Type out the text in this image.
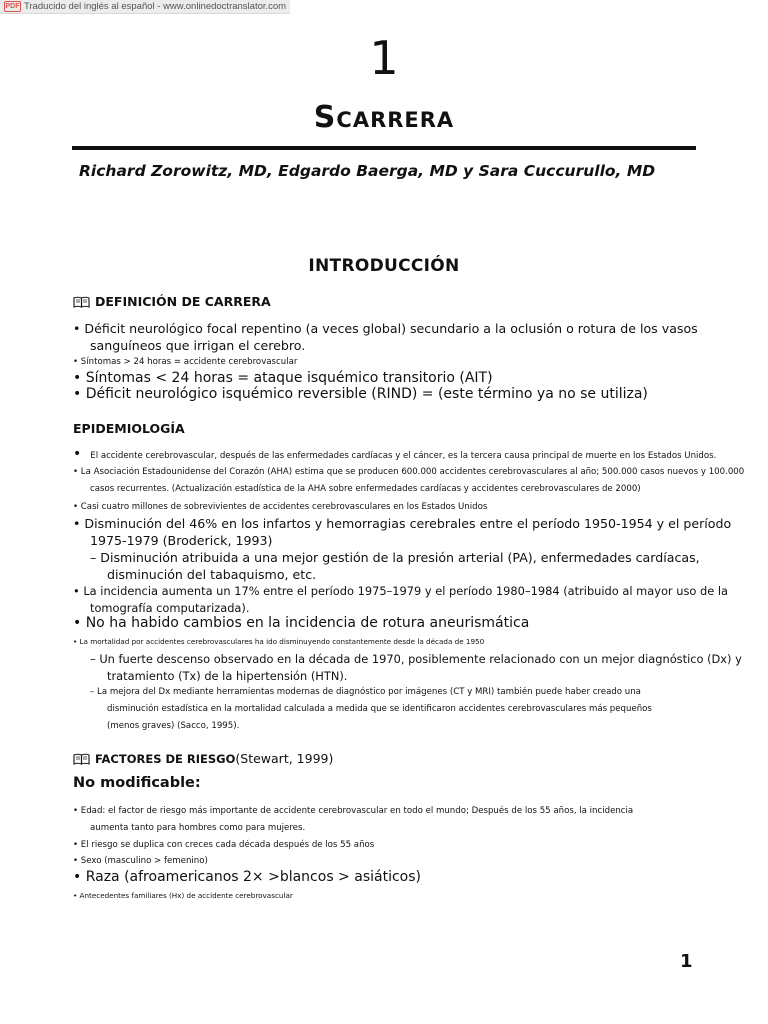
PDF Traducido del inglés al español - www.onlinedoctranslator.com
1
Scarrera
Richard Zorowitz, MD, Edgardo Baerga, MD y Sara Cuccurullo, MD
INTRODUCCIÓN
DEFINICIÓN DE CARRERA
• Déficit neurológico focal repentino (a veces global) secundario a la oclusión o rotura de los vasos
sanguíneos que irrigan el cerebro.
• Síntomas > 24 horas = accidente cerebrovascular
• Síntomas < 24 horas = ataque isquémico transitorio (AIT)
• Déficit neurológico isquémico reversible (RIND) = (este término ya no se utiliza)
EPIDEMIOLOGÍA
• El accidente cerebrovascular, después de las enfermedades cardíacas y el cáncer, es la tercera causa principal de muerte en los Estados Unidos.
• La Asociación Estadounidense del Corazón (AHA) estima que se producen 600.000 accidentes cerebrovasculares al año; 500.000 casos nuevos y 100.000
casos recurrentes. (Actualización estadística de la AHA sobre enfermedades cardíacas y accidentes cerebrovasculares de 2000)
• Casi cuatro millones de sobrevivientes de accidentes cerebrovasculares en los Estados Unidos
• Disminución del 46% en los infartos y hemorragias cerebrales entre el período 1950-1954 y el período
1975-1979 (Broderick, 1993)
– Disminución atribuida a una mejor gestión de la presión arterial (PA), enfermedades cardíacas,
disminución del tabaquismo, etc.
• La incidencia aumenta un 17% entre el período 1975–1979 y el período 1980–1984 (atribuido al mayor uso de la
tomografía computarizada).
• No ha habido cambios en la incidencia de rotura aneurismática
• La mortalidad por accidentes cerebrovasculares ha ido disminuyendo constantemente desde la década de 1950
– Un fuerte descenso observado en la década de 1970, posiblemente relacionado con un mejor diagnóstico (Dx) y
tratamiento (Tx) de la hipertensión (HTN).
– La mejora del Dx mediante herramientas modernas de diagnóstico por imágenes (CT y MRI) también puede haber creado una
disminución estadística en la mortalidad calculada a medida que se identificaron accidentes cerebrovasculares más pequeños
(menos graves) (Sacco, 1995).
FACTORES DE RIESGO (Stewart, 1999)
No modificable:
• Edad: el factor de riesgo más importante de accidente cerebrovascular en todo el mundo; Después de los 55 años, la incidencia
aumenta tanto para hombres como para mujeres.
• El riesgo se duplica con creces cada década después de los 55 años
• Sexo (masculino > femenino)
• Raza (afroamericanos 2× >blancos > asiáticos)
• Antecedentes familiares (Hx) de accidente cerebrovascular
1
